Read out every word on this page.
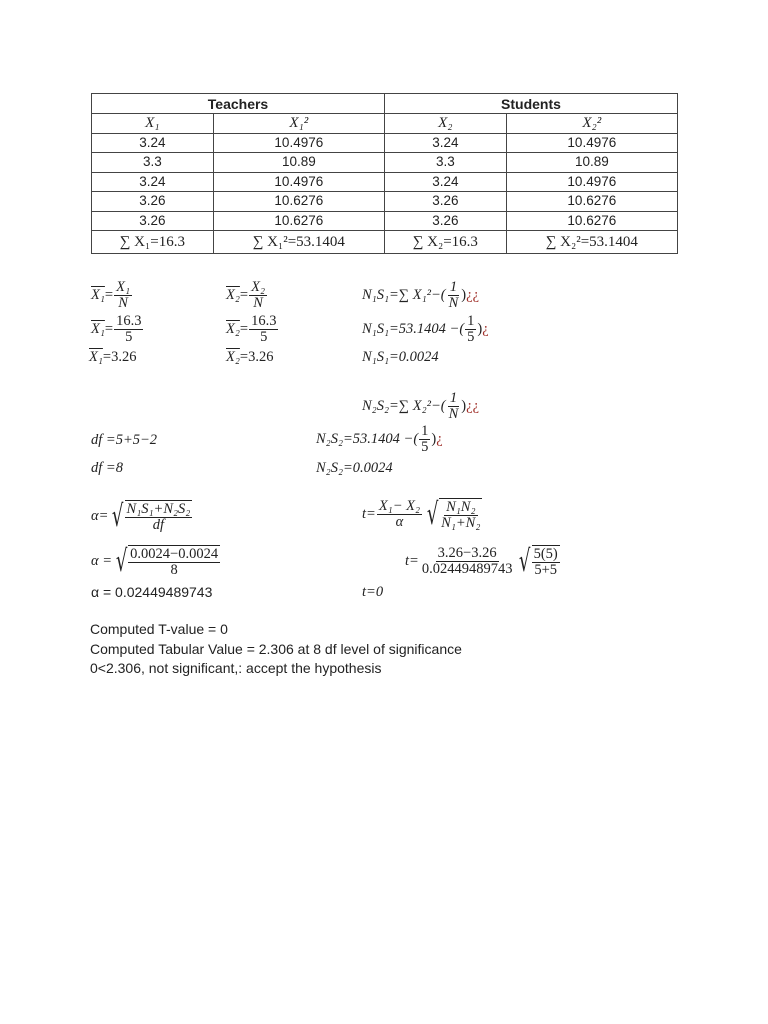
Teachers		Students	
X₁	X₁²	X₂	X₂²
3.24	10.4976	3.24	10.4976
3.3	10.89	3.3	10.89
3.24	10.4976	3.24	10.4976
3.26	10.6276	3.26	10.6276
3.26	10.6276	3.26	10.6276
∑ X₁=16.3	∑ X₁²=53.1404	∑ X₂=16.3	∑ X₂²=53.1404
$X_1 = \frac{\text{X₁}}{N}$
$X_1 = \frac{16.3}{5}$
X₁ = 3.26
$X_2 = \frac{\text{X₂}}{N}$
$X_2 = \frac{16.3}{5}$
X₂ = 3.26
N₁S₁= ∑ $X_1^2-( \frac{1}{N}$ ) ¿¿
N₁S₁=53.1404 −( $\frac{1}{5}$ ) ¿
N₁S₁=0.0024
N₂S₂= ∑ $X_2^2-( \frac{1}{N}$ ) ¿¿
N₂S₂=53.1404 −( $\frac{1}{5}$ ) ¿
N₂S₂=0.0024
df =5+5−2
df =8
α= √ $\frac{\text{N₁S₁+N₂S₂}}{df}$
α = √ $\frac{0.0024-0.0024}{8}$
α = 0.02449489743
$t= \frac{\text{X₁− X₂}}{\alpha}$ √ $\frac{\text{N₁N₂}}{\text{N₁+N₂}}$
$t= \frac{3.26-3.26}{0.02449489743}$ √ $\frac{5(5)}{5+5}$
t=0
Computed T-value = 0
Computed Tabular Value = 2.306 at 8 df level of significance
0<2.306, not significant,: accept the hypothesis
